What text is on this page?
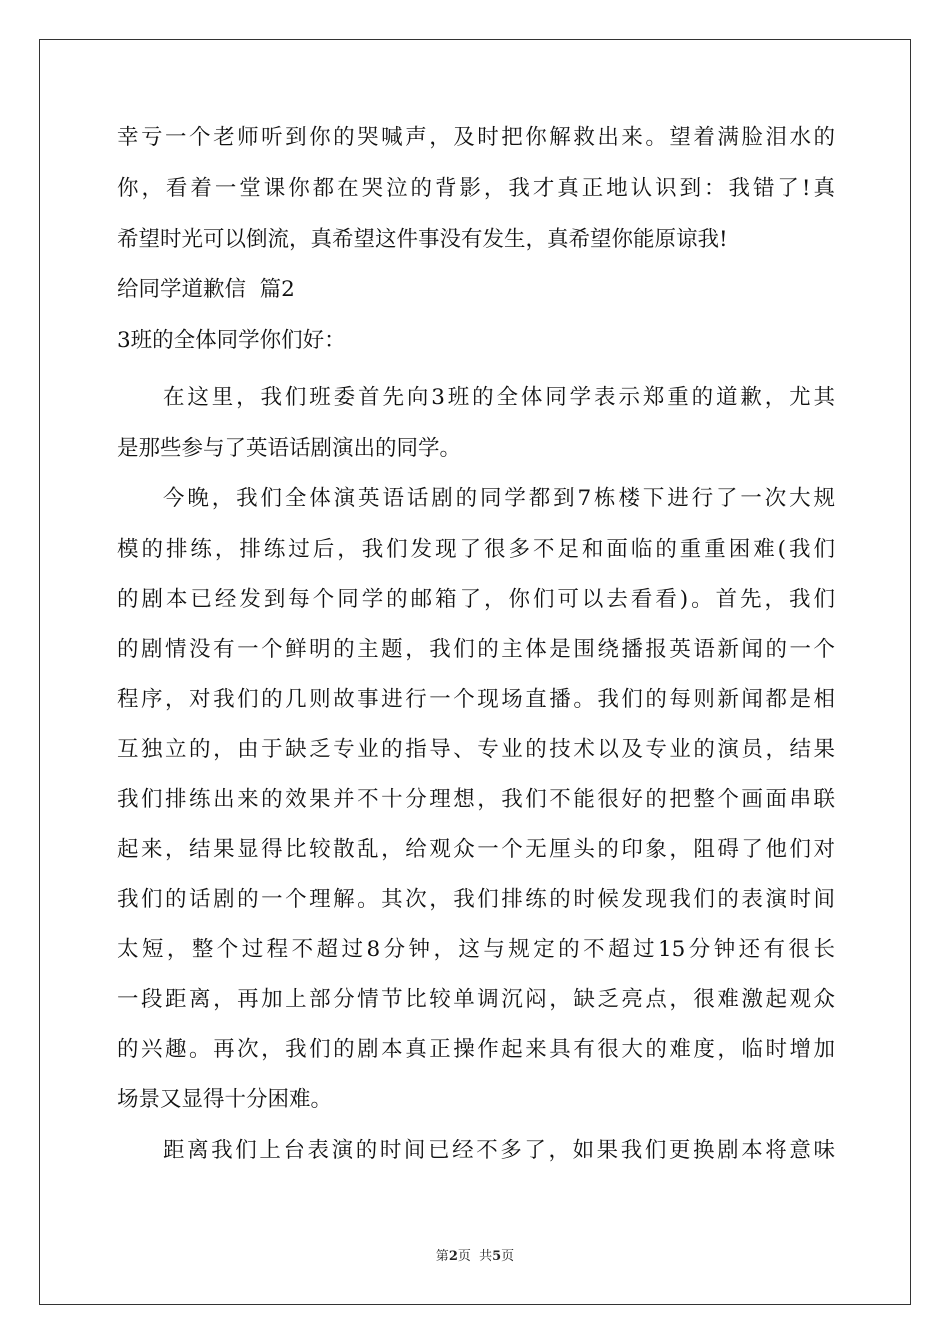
幸亏一个老师听到你的哭喊声，及时把你解救出来。望着满脸泪水的
你，看着一堂课你都在哭泣的背影，我才真正地认识到：我错了!真
希望时光可以倒流，真希望这件事没有发生，真希望你能原谅我!
给同学道歉信  篇2
3班的全体同学你们好：
在这里，我们班委首先向3班的全体同学表示郑重的道歉，尤其
是那些参与了英语话剧演出的同学。
今晚，我们全体演英语话剧的同学都到7栋楼下进行了一次大规
模的排练，排练过后，我们发现了很多不足和面临的重重困难(我们
的剧本已经发到每个同学的邮箱了，你们可以去看看)。首先，我们
的剧情没有一个鲜明的主题，我们的主体是围绕播报英语新闻的一个
程序，对我们的几则故事进行一个现场直播。我们的每则新闻都是相
互独立的，由于缺乏专业的指导、专业的技术以及专业的演员，结果
我们排练出来的效果并不十分理想，我们不能很好的把整个画面串联
起来，结果显得比较散乱，给观众一个无厘头的印象，阻碍了他们对
我们的话剧的一个理解。其次，我们排练的时候发现我们的表演时间
太短，整个过程不超过8分钟，这与规定的不超过15分钟还有很长
一段距离，再加上部分情节比较单调沉闷，缺乏亮点，很难激起观众
的兴趣。再次，我们的剧本真正操作起来具有很大的难度，临时增加
场景又显得十分困难。
距离我们上台表演的时间已经不多了，如果我们更换剧本将意味
第2页  共5页
